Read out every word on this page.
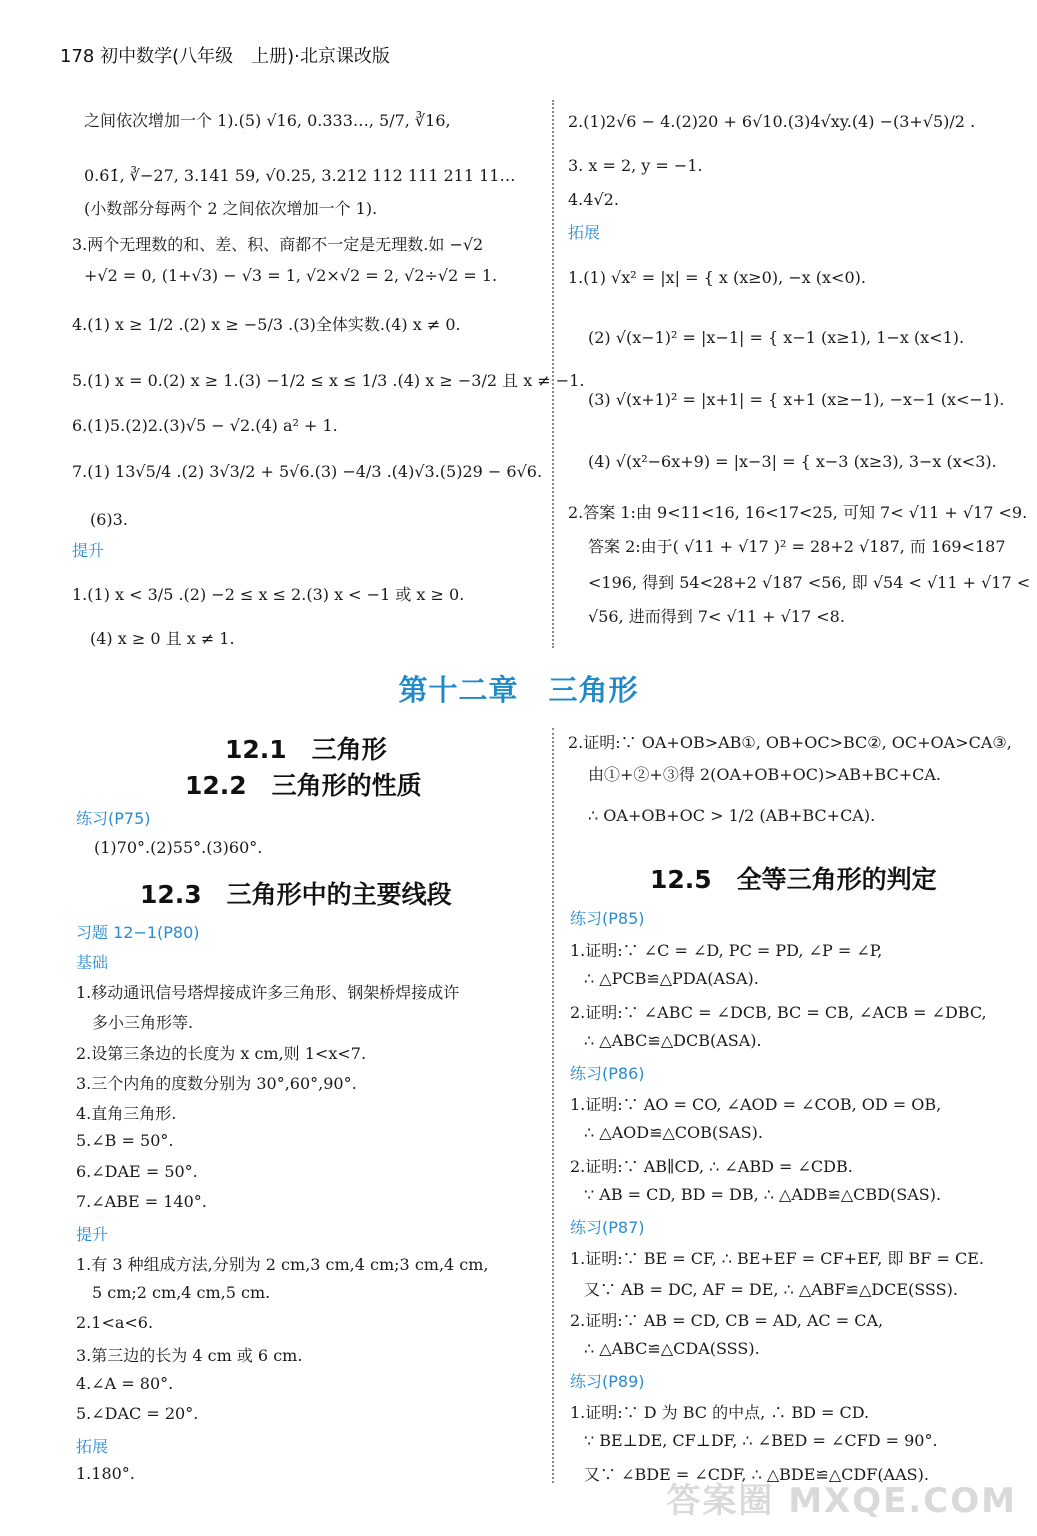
178 初中数学(八年级　上册)·北京课改版
之间依次增加一个 1).(5) √16, 0.333…, 5/7, ∛16,
0.6̇1̇, ∛−27, 3.141 59, √0.25, 3.212 112 111 211 11…
(小数部分每两个 2 之间依次增加一个 1).
3.两个无理数的和、差、积、商都不一定是无理数.如 −√2
+√2 = 0, (1+√3) − √3 = 1, √2×√2 = 2, √2÷√2 = 1.
4.(1) x ≥ 1/2 .(2) x ≥ −5/3 .(3)全体实数.(4) x ≠ 0.
5.(1) x = 0.(2) x ≥ 1.(3) −1/2 ≤ x ≤ 1/3 .(4) x ≥ −3/2 且 x ≠ −1.
6.(1)5.(2)2.(3)√5 − √2.(4) a² + 1.
7.(1) 13√5/4 .(2) 3√3/2 + 5√6.(3) −4/3 .(4)√3.(5)29 − 6√6.
(6)3.
提升
1.(1) x < 3/5 .(2) −2 ≤ x ≤ 2.(3) x < −1 或 x ≥ 0.
(4) x ≥ 0 且 x ≠ 1.
2.(1)2√6 − 4.(2)20 + 6√10.(3)4√xy.(4) −(3+√5)/2 .
3. x = 2, y = −1.
4.4√2.
拓展
1.(1) √x² = |x| = { x (x≥0), −x (x<0).
(2) √(x−1)² = |x−1| = { x−1 (x≥1), 1−x (x<1).
(3) √(x+1)² = |x+1| = { x+1 (x≥−1), −x−1 (x<−1).
(4) √(x²−6x+9) = |x−3| = { x−3 (x≥3), 3−x (x<3).
2.答案 1:由 9<11<16, 16<17<25, 可知 7< √11 + √17 <9.
答案 2:由于( √11 + √17 )² = 28+2 √187, 而 169<187
<196, 得到 54<28+2 √187 <56, 即 √54 < √11 + √17 <
√56, 进而得到 7< √11 + √17 <8.
第十二章　三角形
12.1　三角形
12.2　三角形的性质
12.3　三角形中的主要线段
12.5　全等三角形的判定
练习(P75)
(1)70°.(2)55°.(3)60°.
习题 12−1(P80)
基础
1.移动通讯信号塔焊接成许多三角形、钢架桥焊接成许
多小三角形等.
2.设第三条边的长度为 x cm,则 1<x<7.
3.三个内角的度数分别为 30°,60°,90°.
4.直角三角形.
5.∠B = 50°.
6.∠DAE = 50°.
7.∠ABE = 140°.
提升
1.有 3 种组成方法,分别为 2 cm,3 cm,4 cm;3 cm,4 cm,
5 cm;2 cm,4 cm,5 cm.
2.1<a<6.
3.第三边的长为 4 cm 或 6 cm.
4.∠A = 80°.
5.∠DAC = 20°.
拓展
1.180°.
2.证明:∵ OA+OB>AB①, OB+OC>BC②, OC+OA>CA③,
由①+②+③得 2(OA+OB+OC)>AB+BC+CA.
∴ OA+OB+OC > 1/2 (AB+BC+CA).
练习(P85)
1.证明:∵ ∠C = ∠D, PC = PD, ∠P = ∠P,
∴ △PCB≌△PDA(ASA).
2.证明:∵ ∠ABC = ∠DCB, BC = CB, ∠ACB = ∠DBC,
∴ △ABC≌△DCB(ASA).
练习(P86)
1.证明:∵ AO = CO, ∠AOD = ∠COB, OD = OB,
∴ △AOD≌△COB(SAS).
2.证明:∵ AB∥CD, ∴ ∠ABD = ∠CDB.
∵ AB = CD, BD = DB, ∴ △ADB≌△CBD(SAS).
练习(P87)
1.证明:∵ BE = CF, ∴ BE+EF = CF+EF, 即 BF = CE.
又∵ AB = DC, AF = DE, ∴ △ABF≌△DCE(SSS).
2.证明:∵ AB = CD, CB = AD, AC = CA,
∴ △ABC≌△CDA(SSS).
练习(P89)
1.证明:∵ D 为 BC 的中点, ∴ BD = CD.
∵ BE⊥DE, CF⊥DF, ∴ ∠BED = ∠CFD = 90°.
又∵ ∠BDE = ∠CDF, ∴ △BDE≌△CDF(AAS).
答案圈 MXQE.COM
